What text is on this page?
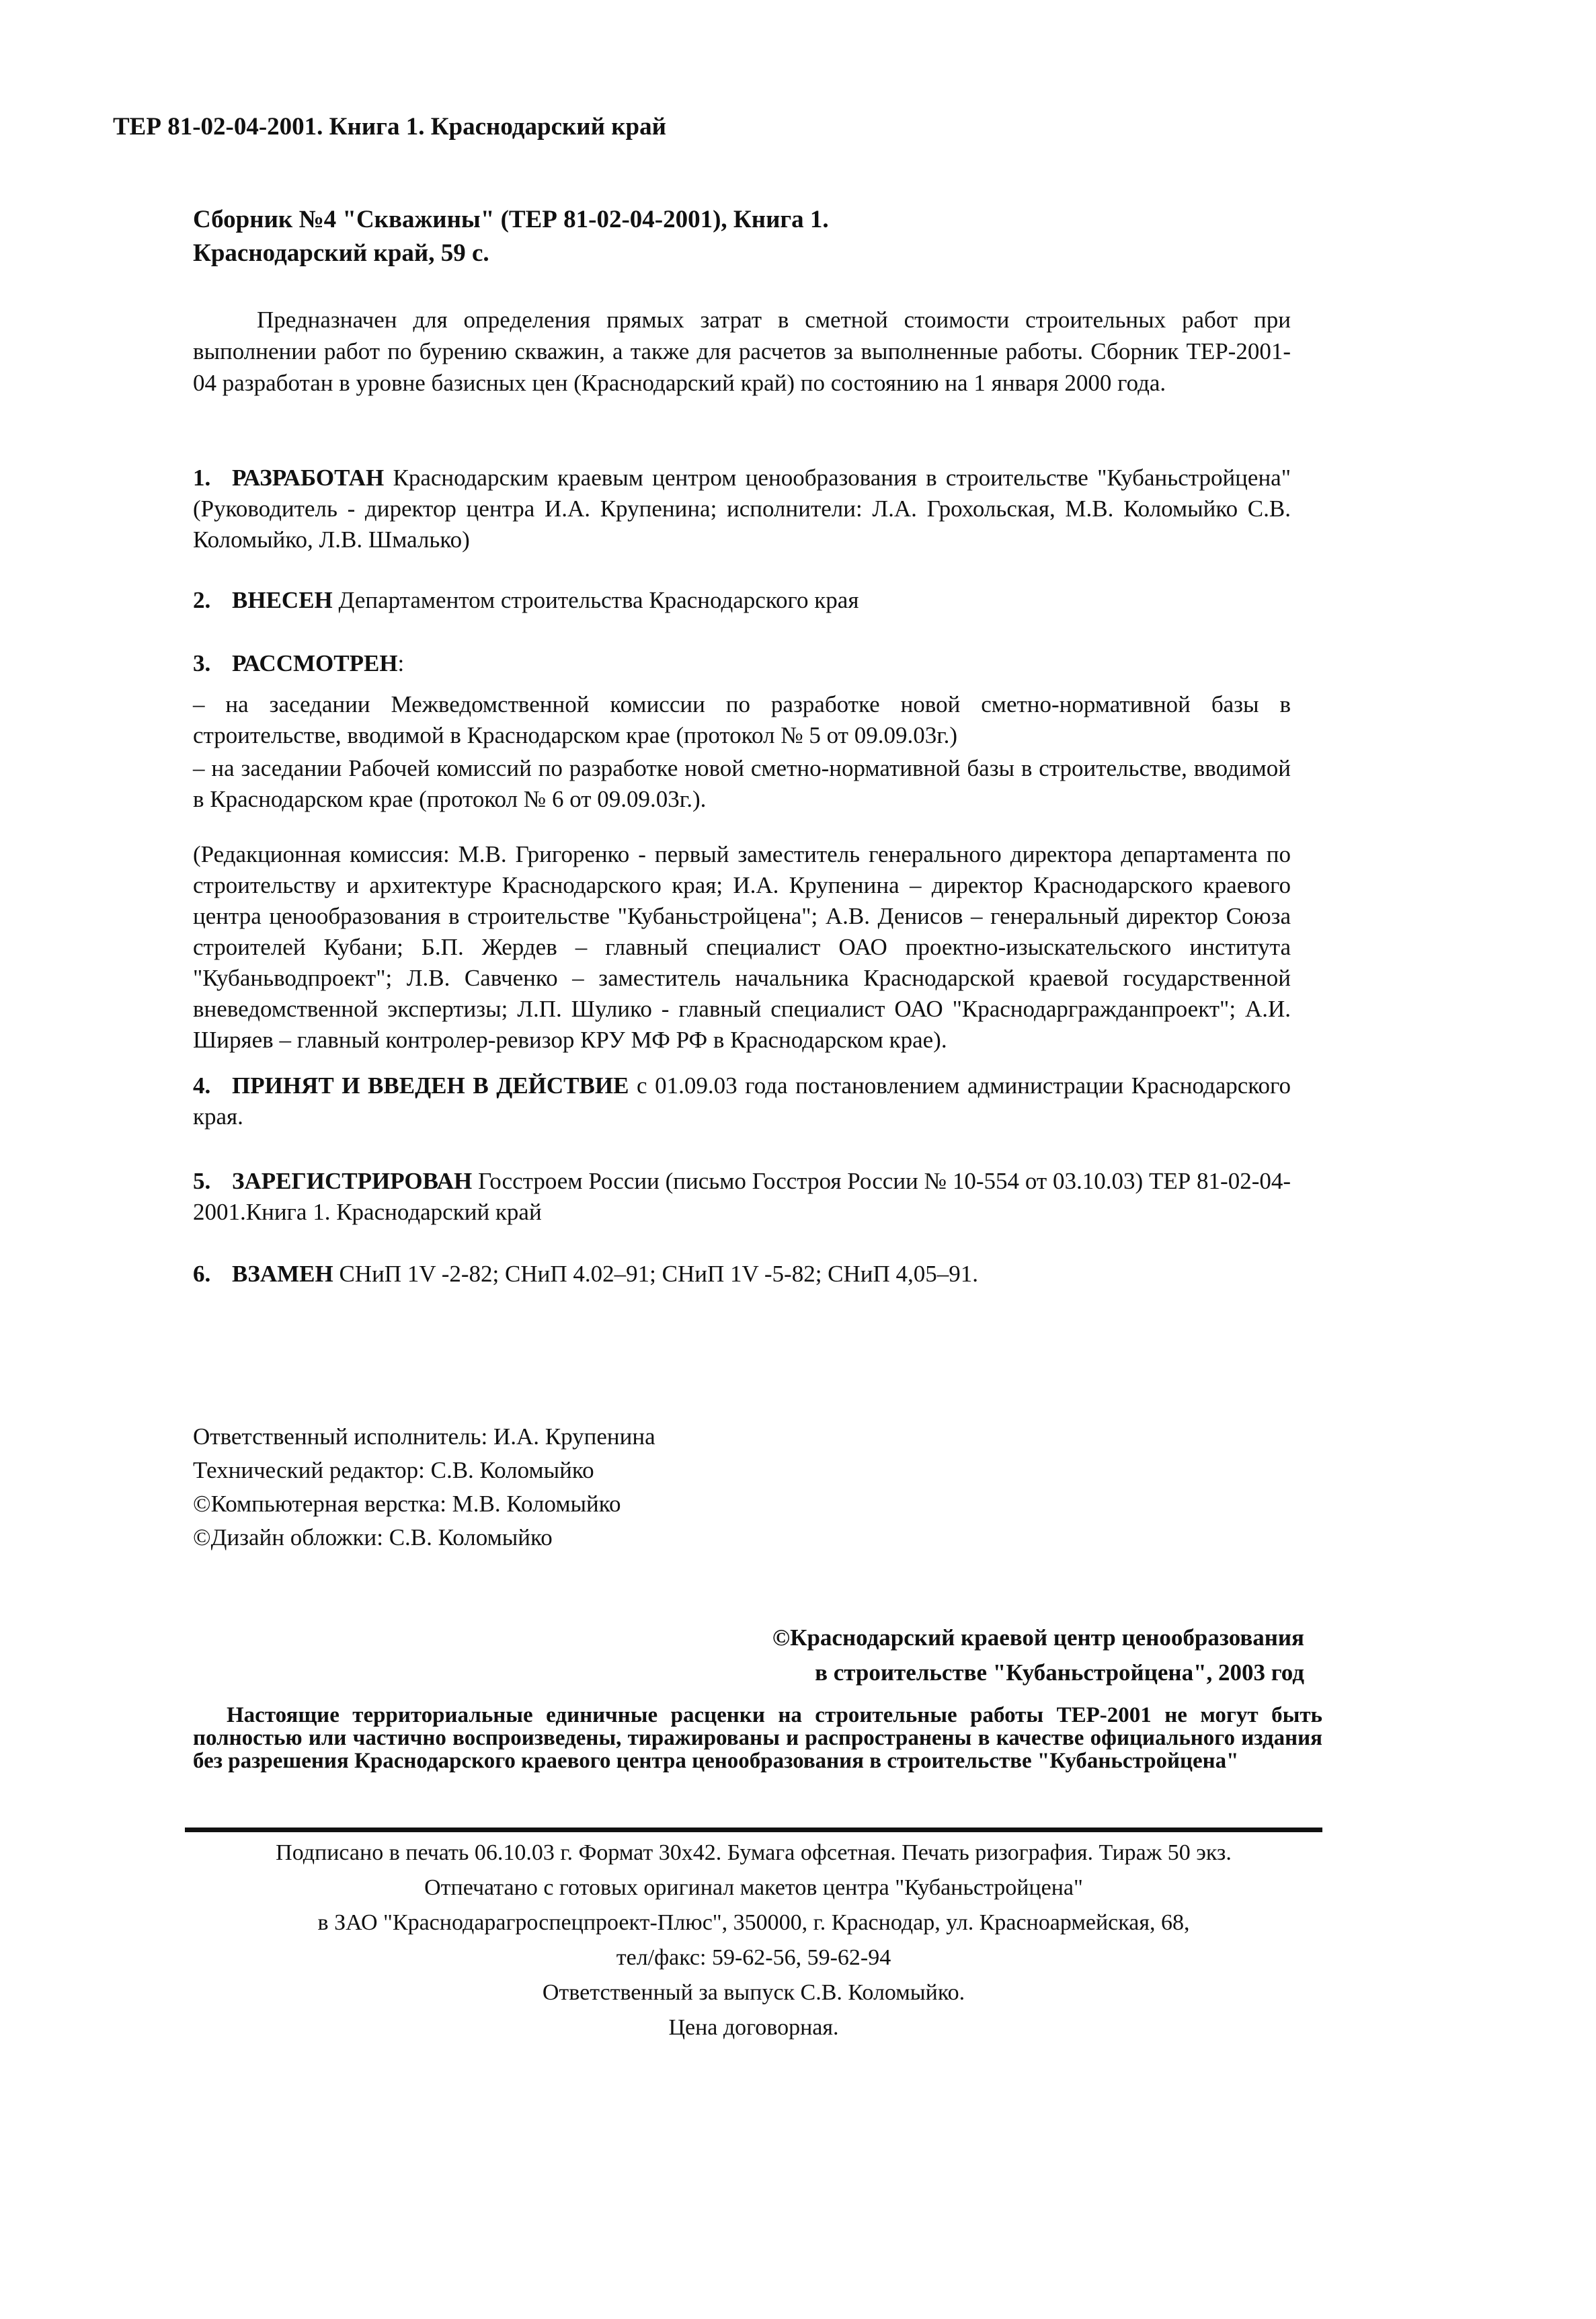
ТЕР 81-02-04-2001. Книга 1. Краснодарский край
Сборник №4 "Скважины" (ТЕР 81-02-04-2001), Книга 1.
Краснодарский край, 59 с.
Предназначен для определения прямых затрат в сметной стоимости строительных работ при выполнении работ по бурению скважин, а также для расчетов за выполненные работы. Сборник ТЕР-2001-04 разработан в уровне базисных цен (Краснодарский край) по состоянию на 1 января 2000 года.
1. РАЗРАБОТАН Краснодарским краевым центром ценообразования в строительстве "Кубаньстройцена" (Руководитель - директор центра И.А. Крупенина; исполнители: Л.А. Грохольская, М.В. Коломыйко С.В. Коломыйко, Л.В. Шмалько)
2. ВНЕСЕН Департаментом строительства Краснодарского края
3. РАССМОТРЕН:
– на заседании Межведомственной комиссии по разработке новой сметно-нормативной базы в строительстве, вводимой в Краснодарском крае (протокол № 5 от 09.09.03г.)
– на заседании Рабочей комиссий по разработке новой сметно-нормативной базы в строительстве, вводимой в Краснодарском крае (протокол № 6 от 09.09.03г.).
(Редакционная комиссия: М.В. Григоренко - первый заместитель генерального директора департамента по строительству и архитектуре Краснодарского края; И.А. Крупенина – директор Краснодарского краевого центра ценообразования в строительстве "Кубаньстройцена"; А.В. Денисов – генеральный директор Союза строителей Кубани; Б.П. Жердев – главный специалист ОАО проектно-изыскательского института "Кубаньводпроект"; Л.В. Савченко – заместитель начальника Краснодарской краевой государственной вневедомственной экспертизы; Л.П. Шулико - главный специалист ОАО "Краснодаргражданпроект"; А.И. Ширяев – главный контролер-ревизор КРУ МФ РФ в Краснодарском крае).
4. ПРИНЯТ И ВВЕДЕН В ДЕЙСТВИЕ с 01.09.03 года постановлением администрации Краснодарского края.
5. ЗАРЕГИСТРИРОВАН Госстроем России (письмо Госстроя России № 10-554 от 03.10.03) ТЕР 81-02-04-2001.Книга 1. Краснодарский край
6. ВЗАМЕН СНиП 1V -2-82; СНиП 4.02–91; СНиП 1V -5-82; СНиП 4,05–91.
Ответственный исполнитель: И.А. Крупенина
Технический редактор: С.В. Коломыйко
©Компьютерная верстка: М.В. Коломыйко
©Дизайн обложки: С.В. Коломыйко
©Краснодарский краевой центр ценообразования
в строительстве "Кубаньстройцена", 2003 год
Настоящие территориальные единичные расценки на строительные работы ТЕР-2001 не могут быть полностью или частично воспроизведены, тиражированы и распространены в качестве официального издания без разрешения Краснодарского краевого центра ценообразования в строительстве "Кубаньстройцена"
Подписано в печать 06.10.03 г. Формат 30x42. Бумага офсетная. Печать ризография. Тираж 50 экз.
Отпечатано с готовых оригинал макетов центра "Кубаньстройцена"
в ЗАО "Краснодарагроспецпроект-Плюс", 350000, г. Краснодар, ул. Красноармейская, 68,
тел/факс: 59-62-56, 59-62-94
Ответственный за выпуск С.В. Коломыйко.
Цена договорная.
